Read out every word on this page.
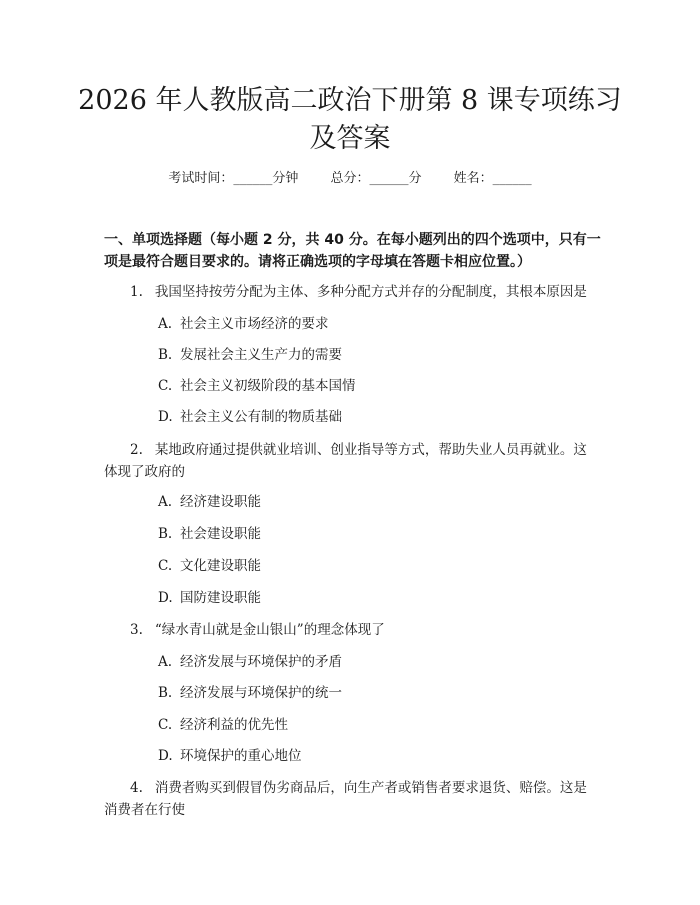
2026 年人教版高二政治下册第 8 课专项练习
及答案
考试时间：______分钟 总分：______分 姓名：______
一、单项选择题（每小题 2 分，共 40 分。在每小题列出的四个选项中，只有一项是最符合题目要求的。请将正确选项的字母填在答题卡相应位置。）
1. 我国坚持按劳分配为主体、多种分配方式并存的分配制度，其根本原因是
A. 社会主义市场经济的要求
B. 发展社会主义生产力的需要
C. 社会主义初级阶段的基本国情
D. 社会主义公有制的物质基础
2. 某地政府通过提供就业培训、创业指导等方式，帮助失业人员再就业。这体现了政府的
A. 经济建设职能
B. 社会建设职能
C. 文化建设职能
D. 国防建设职能
3. “绿水青山就是金山银山”的理念体现了
A. 经济发展与环境保护的矛盾
B. 经济发展与环境保护的统一
C. 经济利益的优先性
D. 环境保护的重心地位
4. 消费者购买到假冒伪劣商品后，向生产者或销售者要求退货、赔偿。这是消费者在行使
